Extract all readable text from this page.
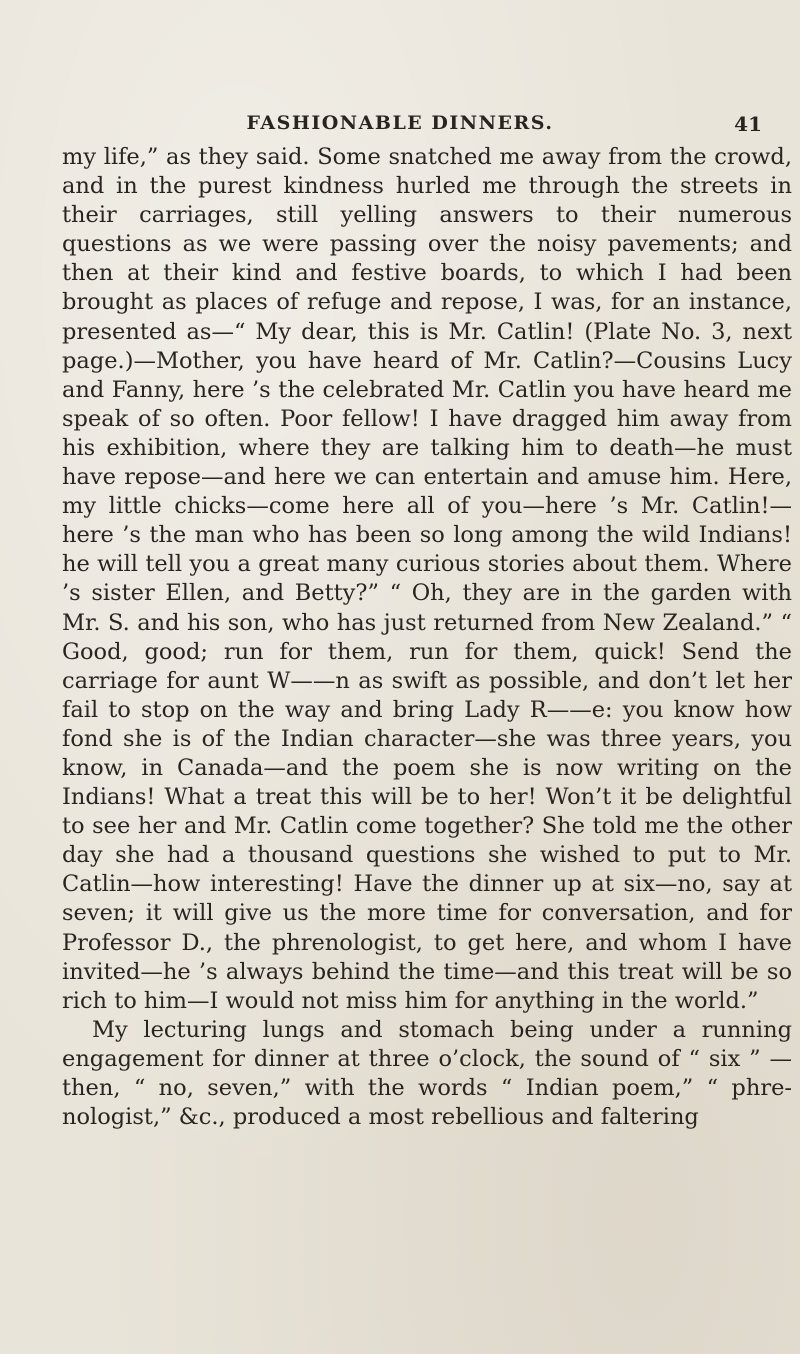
FASHIONABLE DINNERS.	41

my life,” as they said. Some snatched me away from the crowd, and in the purest kindness hurled me through the streets in their carriages, still yelling answers to their numerous questions as we were passing over the noisy pavements; and then at their kind and festive boards, to which I had been brought as places of refuge and repose, I was, for an instance, presented as—“ My dear, this is Mr. Catlin! (Plate No. 3, next page.)—Mother, you have heard of Mr. Catlin?—Cousins Lucy and Fanny, here ’s the celebrated Mr. Catlin you have heard me speak of so often. Poor fellow! I have dragged him away from his exhibition, where they are talking him to death—he must have repose—and here we can entertain and amuse him. Here, my little chicks—come here all of you—here ’s Mr. Catlin!—here ’s the man who has been so long among the wild Indians! he will tell you a great many curious stories about them. Where ’s sister Ellen, and Betty?” “ Oh, they are in the garden with Mr. S. and his son, who has just returned from New Zealand.” “ Good, good; run for them, run for them, quick! Send the carriage for aunt W——n as swift as possible, and don’t let her fail to stop on the way and bring Lady R——e: you know how fond she is of the Indian character—she was three years, you know, in Canada—and the poem she is now writing on the Indians! What a treat this will be to her! Won’t it be delightful to see her and Mr. Catlin come together? She told me the other day she had a thousand questions she wished to put to Mr. Catlin—how interesting! Have the dinner up at six—no, say at seven; it will give us the more time for conversation, and for Professor D., the phrenologist, to get here, and whom I have invited—he ’s always behind the time—and this treat will be so rich to him—I would not miss him for anything in the world.”

My lecturing lungs and stomach being under a running engagement for dinner at three o’clock, the sound of “ six ” —then, “ no, seven,” with the words “ Indian poem,” “ phre-nologist,” &c., produced a most rebellious and faltering
